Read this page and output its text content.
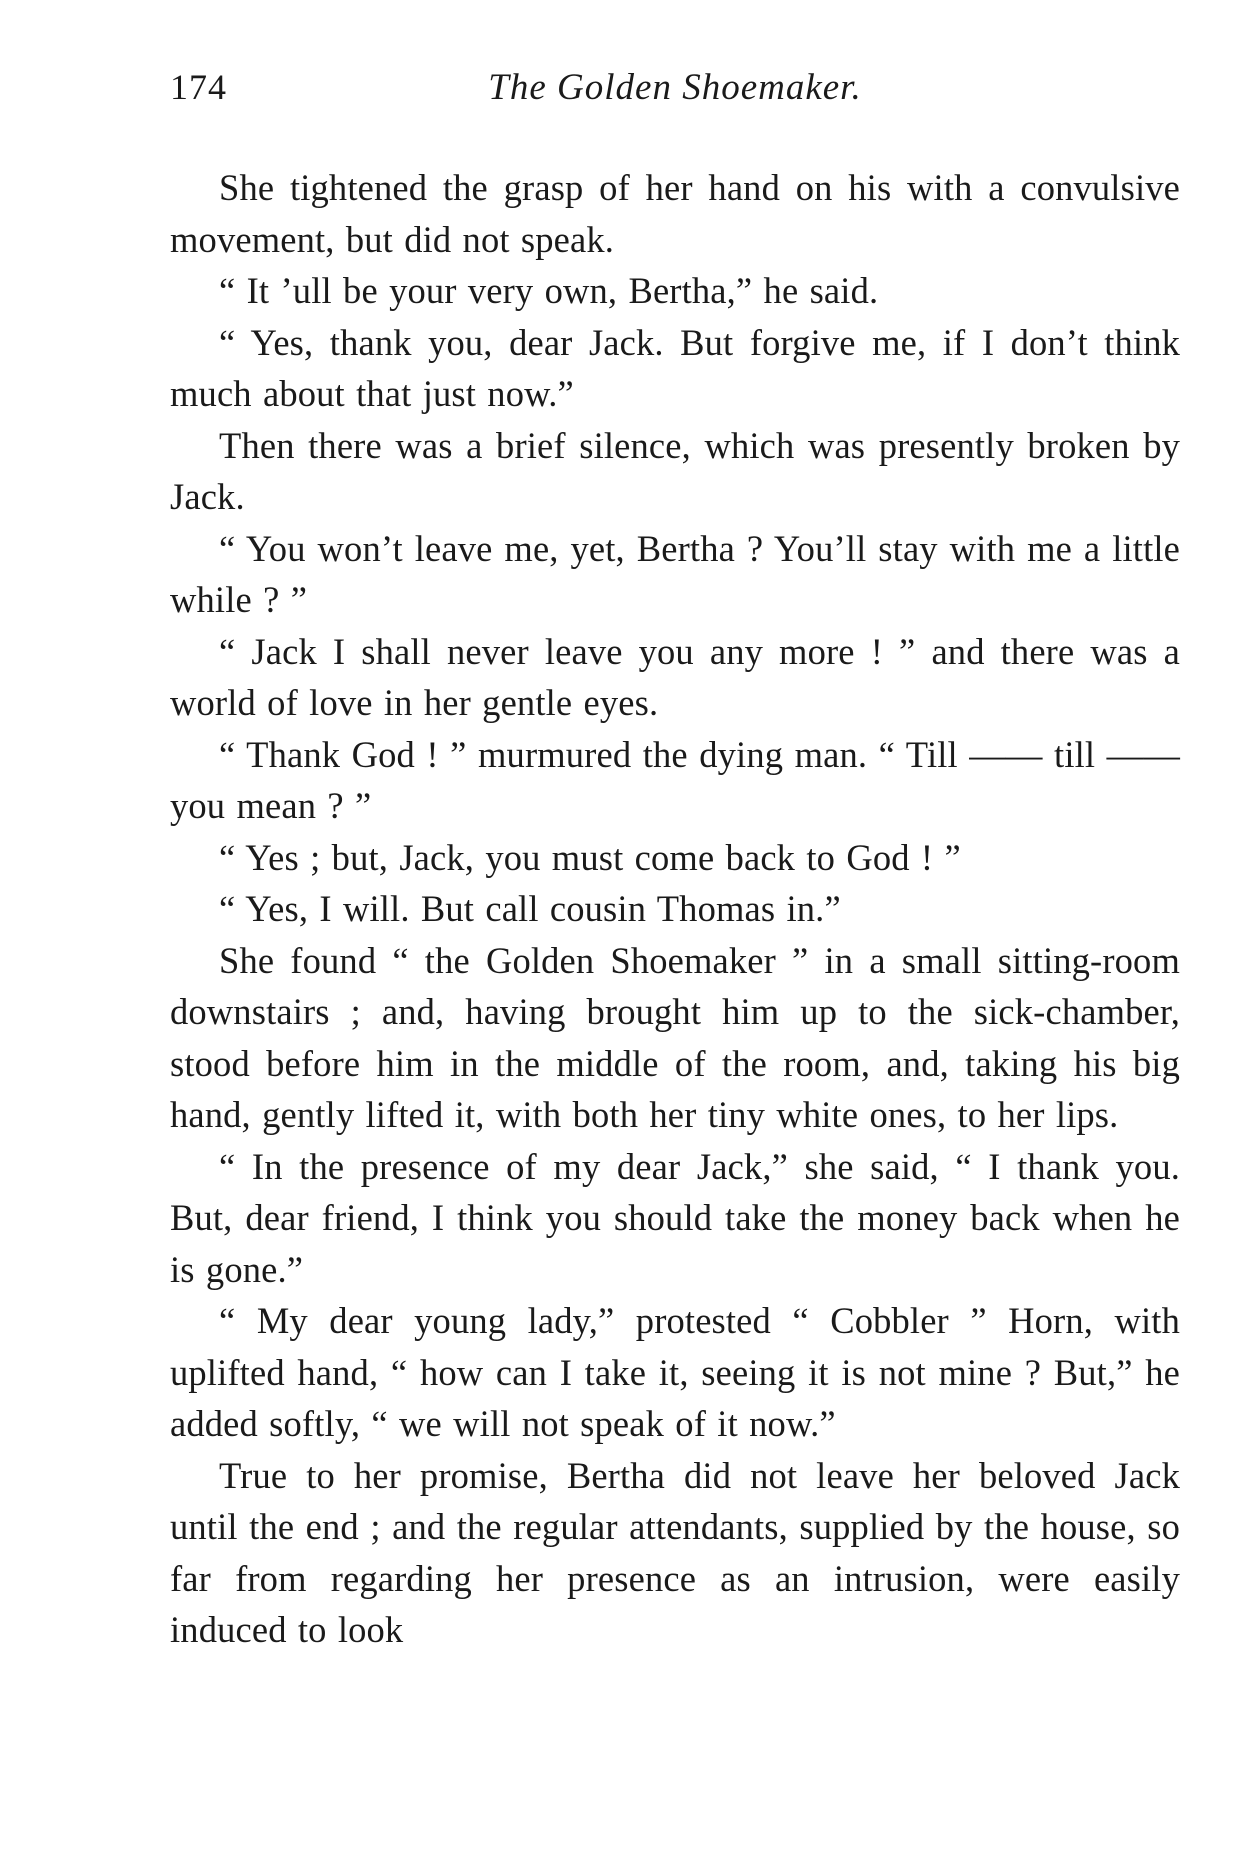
174	The Golden Shoemaker.

She tightened the grasp of her hand on his with a convulsive movement, but did not speak.

“ It ’ull be your very own, Bertha,” he said.

“ Yes, thank you, dear Jack. But forgive me, if I don’t think much about that just now.”

Then there was a brief silence, which was presently broken by Jack.

“ You won’t leave me, yet, Bertha ? You’ll stay with me a little while ? ”

“ Jack I shall never leave you any more ! ” and there was a world of love in her gentle eyes.

“ Thank God ! ” murmured the dying man. “ Till —— till —— you mean ? ”

“ Yes ; but, Jack, you must come back to God ! ”

“ Yes, I will. But call cousin Thomas in.”

She found “ the Golden Shoemaker ” in a small sitting-room downstairs ; and, having brought him up to the sick-chamber, stood before him in the middle of the room, and, taking his big hand, gently lifted it, with both her tiny white ones, to her lips.

“ In the presence of my dear Jack,” she said, “ I thank you. But, dear friend, I think you should take the money back when he is gone.”

“ My dear young lady,” protested “ Cobbler ” Horn, with uplifted hand, “ how can I take it, seeing it is not mine ? But,” he added softly, “ we will not speak of it now.”

True to her promise, Bertha did not leave her beloved Jack until the end ; and the regular attendants, supplied by the house, so far from regarding her presence as an intrusion, were easily induced to look
